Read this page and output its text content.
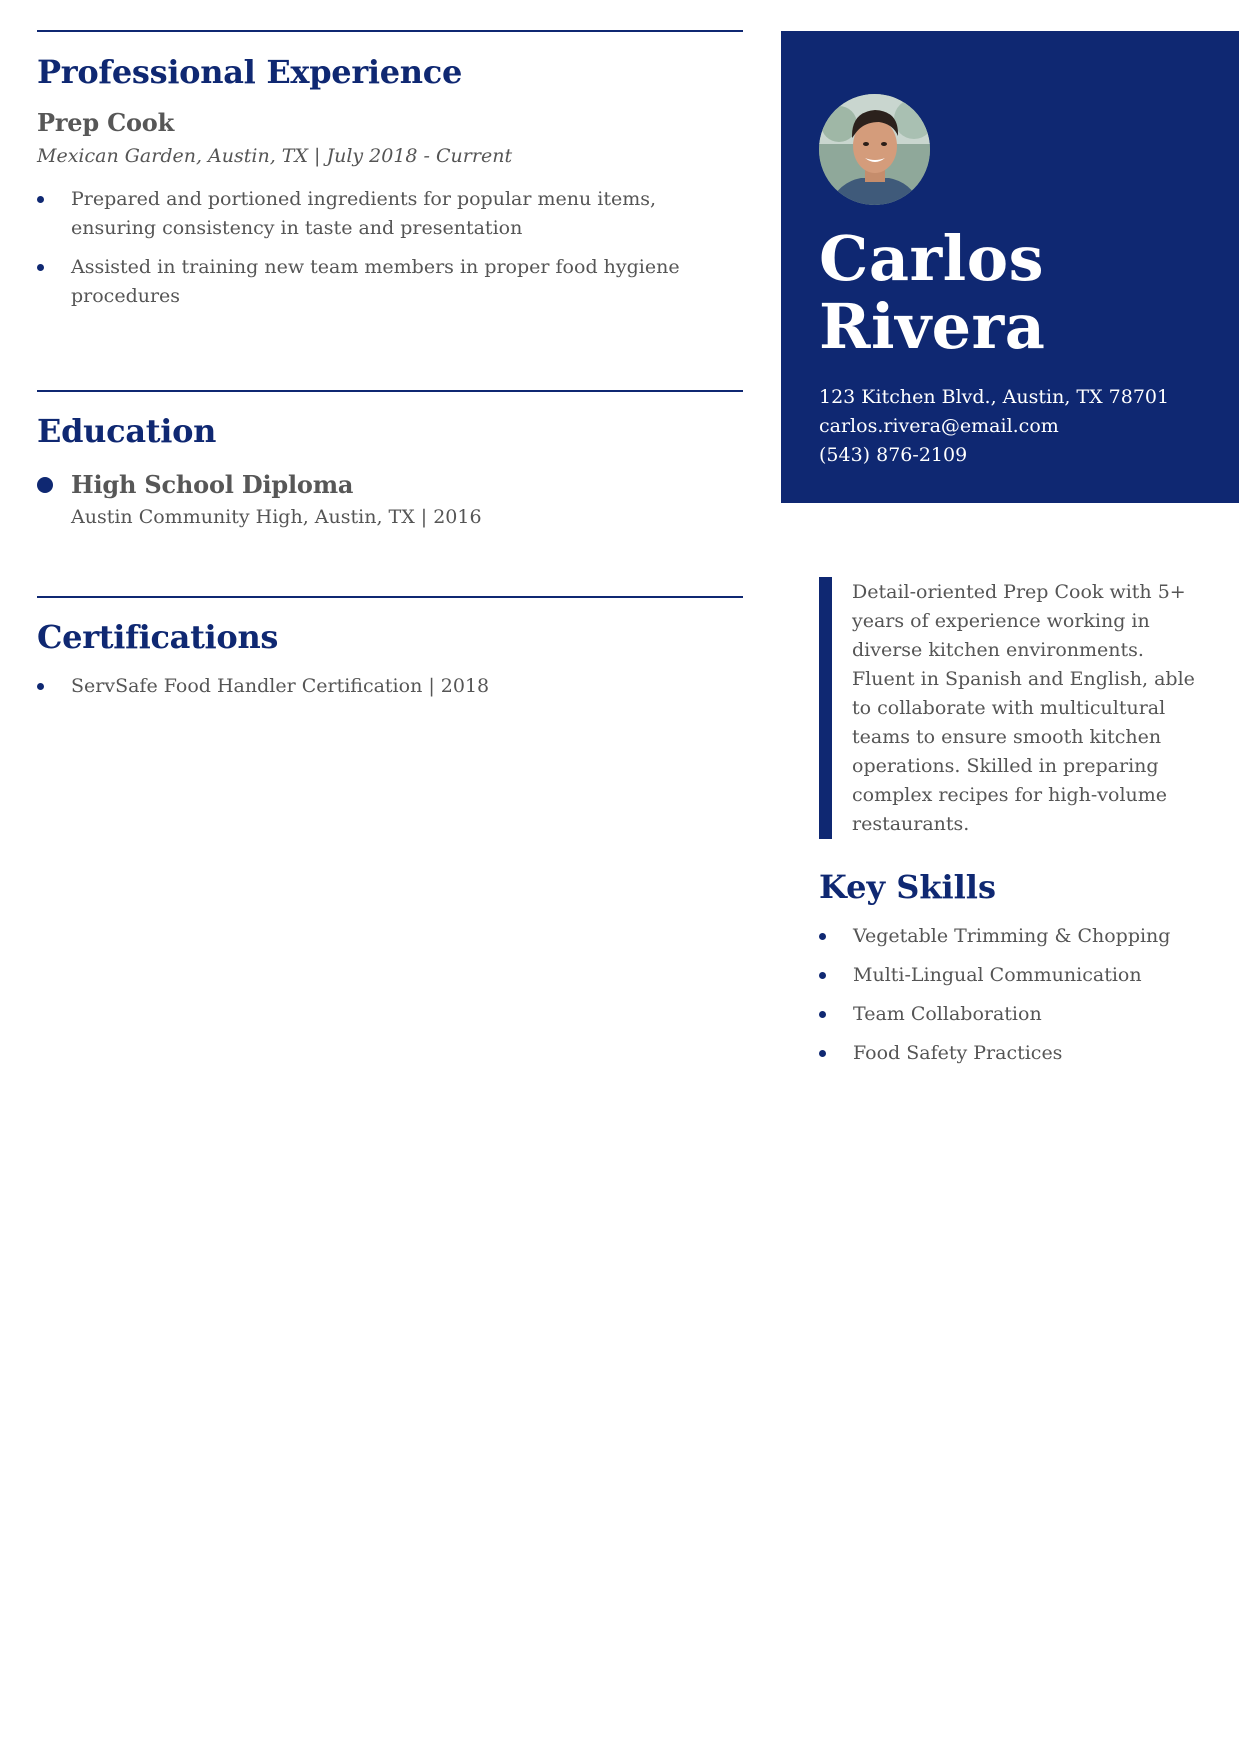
Professional Experience
Prep Cook
Mexican Garden, Austin, TX | July 2018 - Current
Prepared and portioned ingredients for popular menu items, ensuring consistency in taste and presentation
Assisted in training new team members in proper food hygiene procedures
Education
High School Diploma
Austin Community High, Austin, TX | 2016
Certifications
ServSafe Food Handler Certification | 2018
Carlos
Rivera
123 Kitchen Blvd., Austin, TX 78701
carlos.rivera@email.com
(543) 876-2109
Detail-oriented Prep Cook with 5+ years of experience working in diverse kitchen environments. Fluent in Spanish and English, able to collaborate with multicultural teams to ensure smooth kitchen operations. Skilled in preparing complex recipes for high-volume restaurants.
Key Skills
Vegetable Trimming & Chopping
Multi-Lingual Communication
Team Collaboration
Food Safety Practices
